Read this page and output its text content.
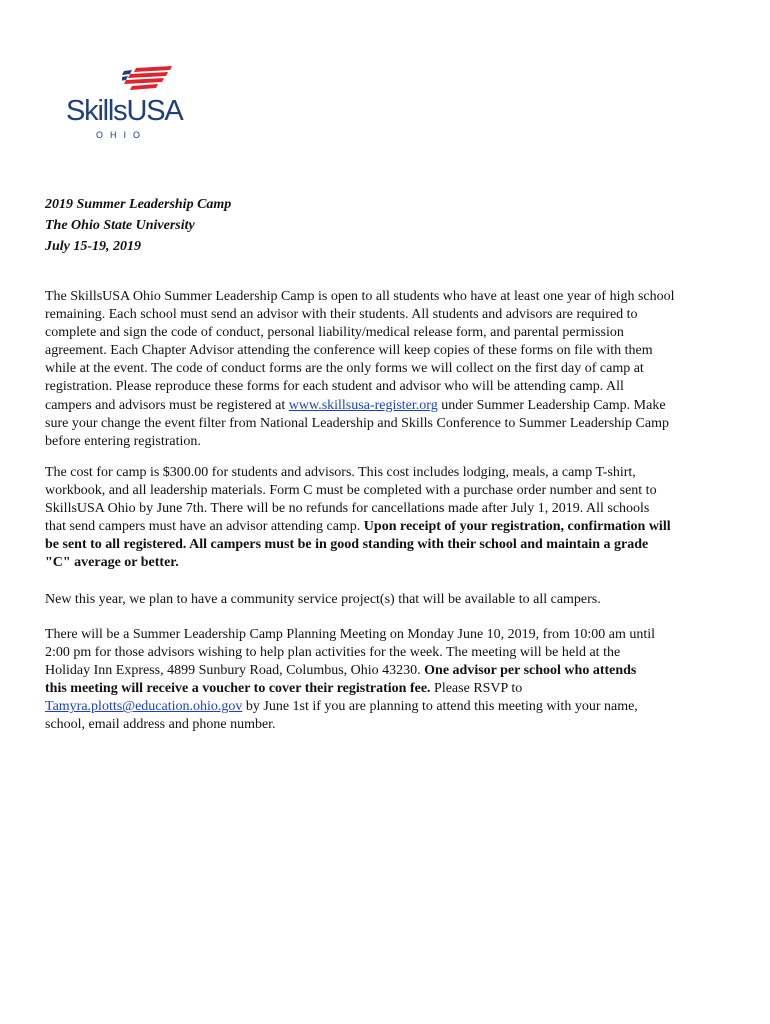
SkillsUSA
OHIO
2019 Summer Leadership Camp
The Ohio State University
July 15-19, 2019
The SkillsUSA Ohio Summer Leadership Camp is open to all students who have at least one year of high school
remaining. Each school must send an advisor with their students. All students and advisors are required to
complete and sign the code of conduct, personal liability/medical release form, and parental permission
agreement. Each Chapter Advisor attending the conference will keep copies of these forms on file with them
while at the event. The code of conduct forms are the only forms we will collect on the first day of camp at
registration. Please reproduce these forms for each student and advisor who will be attending camp. All
campers and advisors must be registered at www.skillsusa-register.org under Summer Leadership Camp. Make
sure your change the event filter from National Leadership and Skills Conference to Summer Leadership Camp
before entering registration.
The cost for camp is $300.00 for students and advisors. This cost includes lodging, meals, a camp T-shirt,
workbook, and all leadership materials. Form C must be completed with a purchase order number and sent to
SkillsUSA Ohio by June 7th. There will be no refunds for cancellations made after July 1, 2019. All schools
that send campers must have an advisor attending camp. Upon receipt of your registration, confirmation will
be sent to all registered. All campers must be in good standing with their school and maintain a grade
"C" average or better.
New this year, we plan to have a community service project(s) that will be available to all campers.
There will be a Summer Leadership Camp Planning Meeting on Monday June 10, 2019, from 10:00 am until
2:00 pm for those advisors wishing to help plan activities for the week. The meeting will be held at the
Holiday Inn Express, 4899 Sunbury Road, Columbus, Ohio 43230. One advisor per school who attends
this meeting will receive a voucher to cover their registration fee. Please RSVP to
Tamyra.plotts@education.ohio.gov by June 1st if you are planning to attend this meeting with your name,
school, email address and phone number.
